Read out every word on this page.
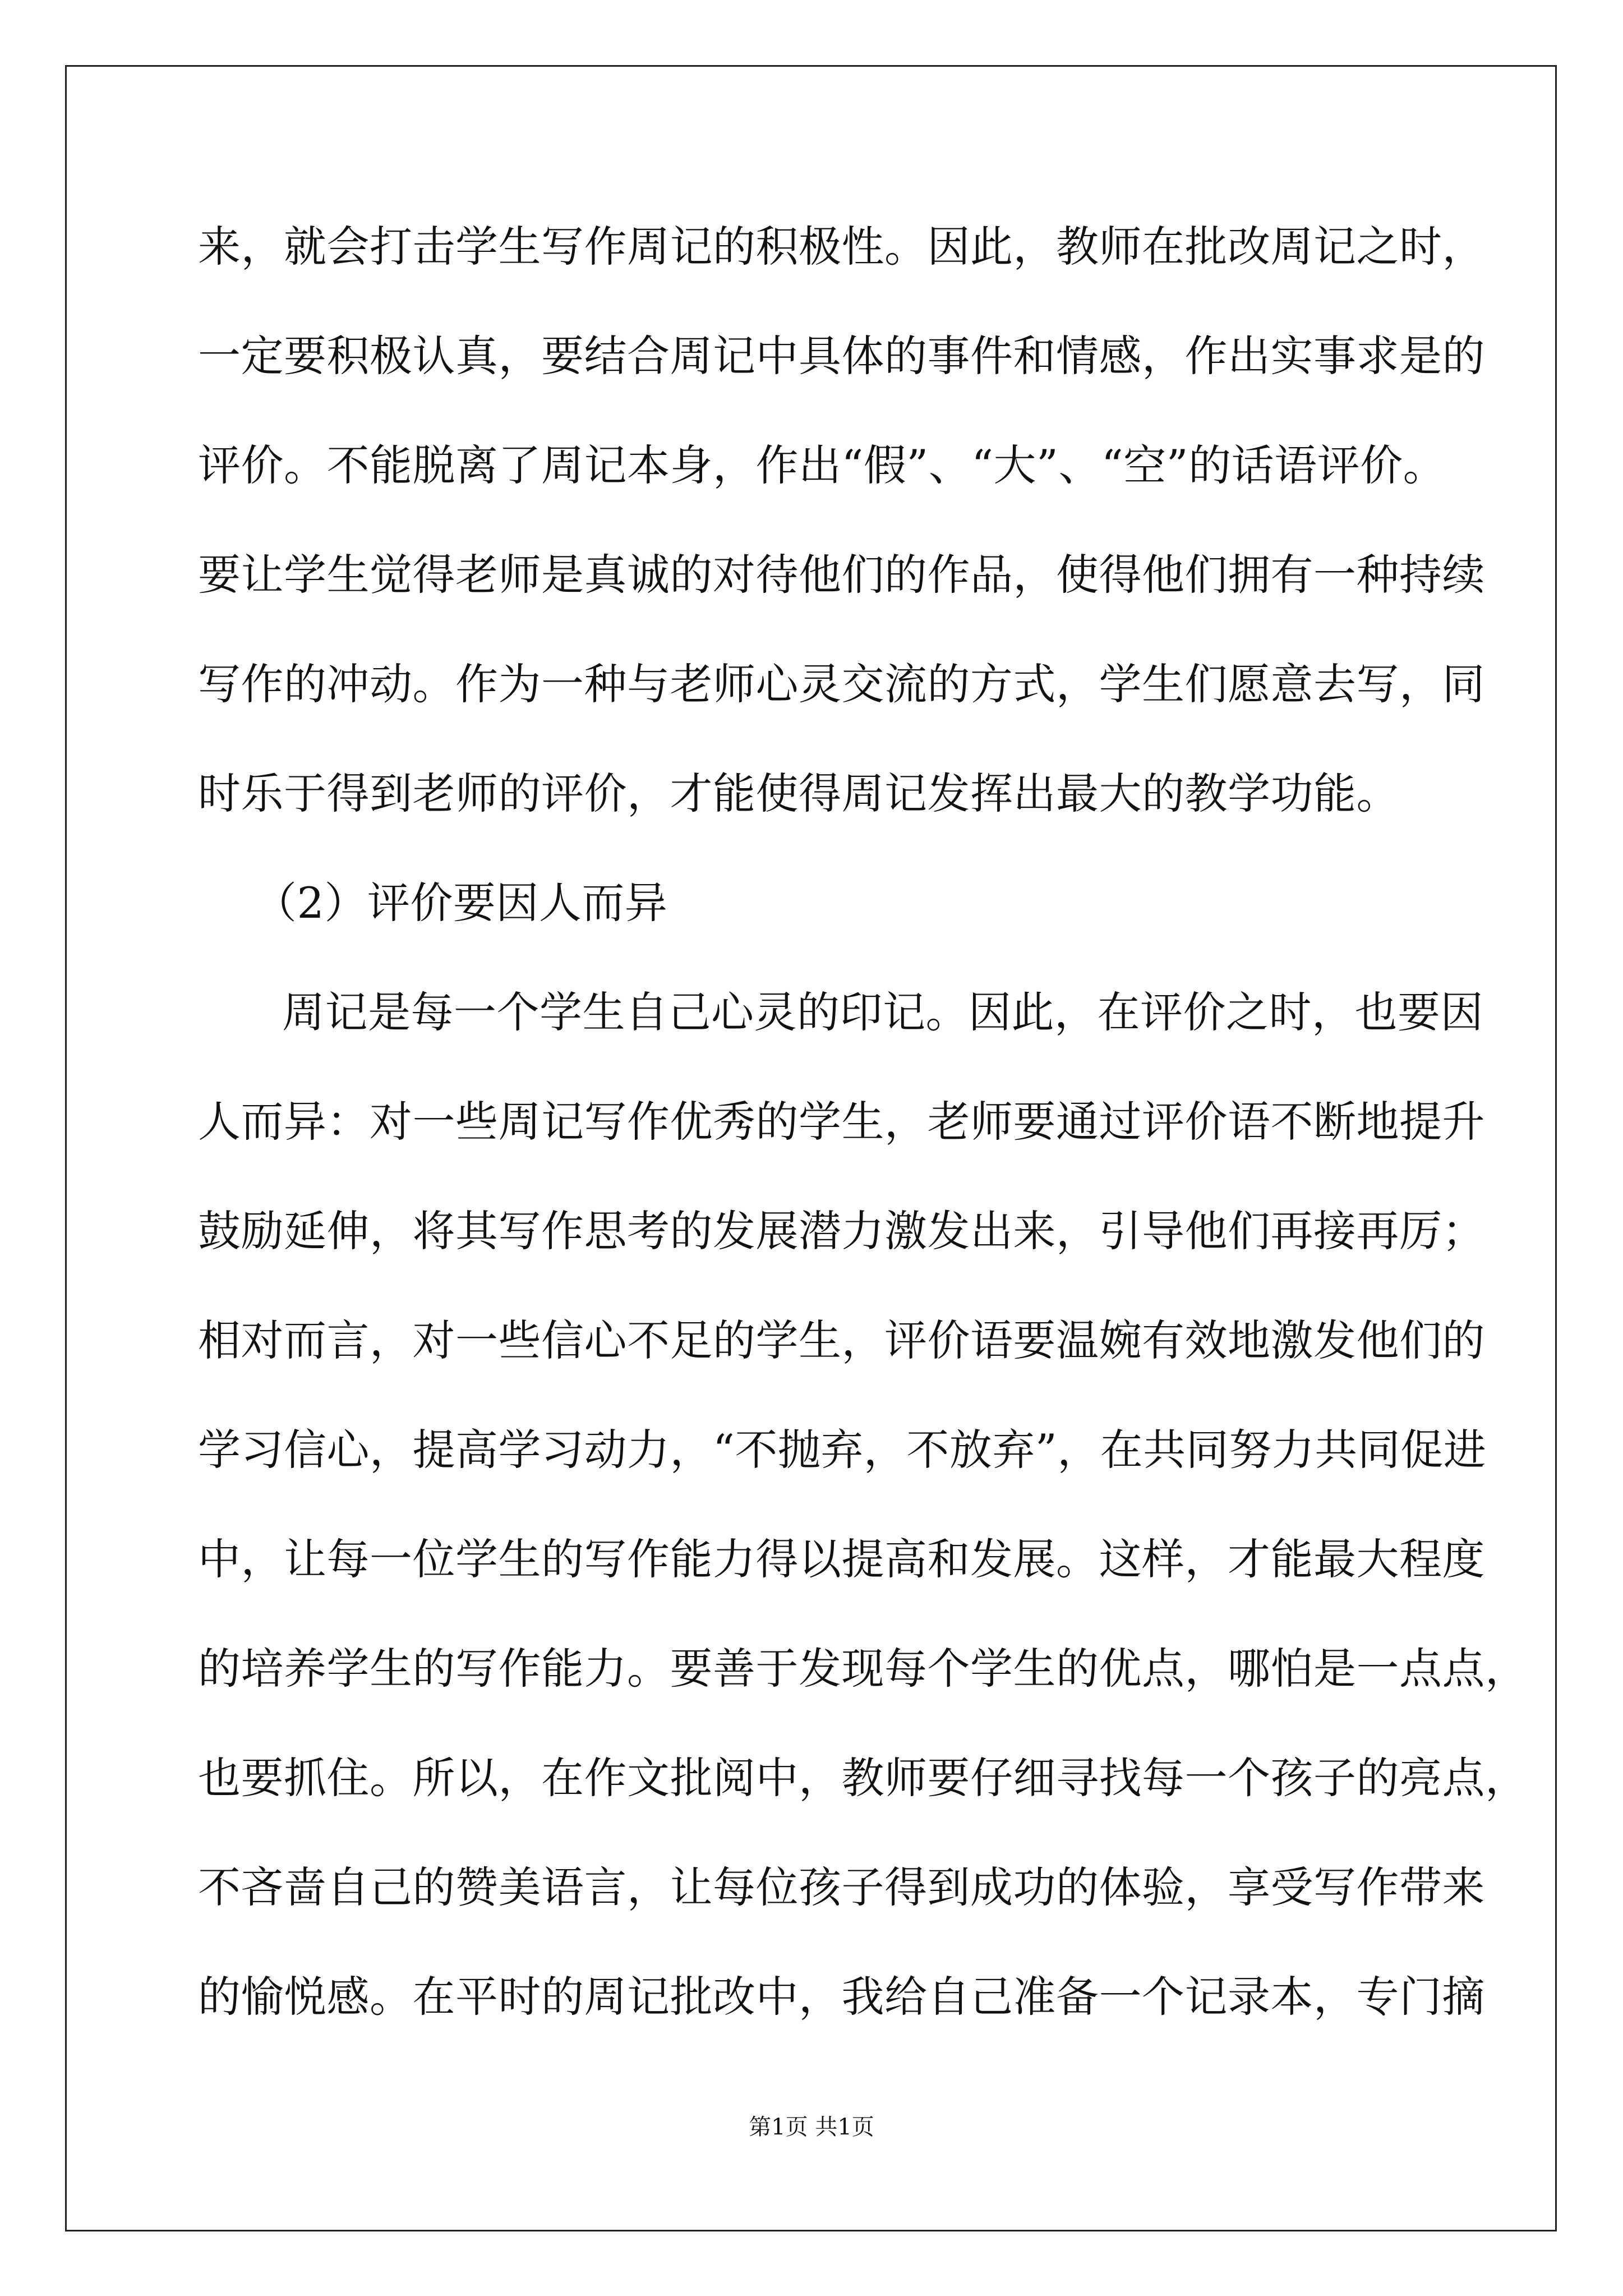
来，就会打击学生写作周记的积极性。因此，教师在批改周记之时，
一定要积极认真，要结合周记中具体的事件和情感，作出实事求是的
评价。不能脱离了周记本身，作出“假”、“大”、“空”的话语评价。
要让学生觉得老师是真诚的对待他们的作品，使得他们拥有一种持续
写作的冲动。作为一种与老师心灵交流的方式，学生们愿意去写，同
时乐于得到老师的评价，才能使得周记发挥出最大的教学功能。
（2）评价要因人而异
周记是每一个学生自己心灵的印记。因此，在评价之时，也要因
人而异：对一些周记写作优秀的学生，老师要通过评价语不断地提升
鼓励延伸，将其写作思考的发展潜力激发出来，引导他们再接再厉；
相对而言，对一些信心不足的学生，评价语要温婉有效地激发他们的
学习信心，提高学习动力，“不抛弃，不放弃”，在共同努力共同促进
中，让每一位学生的写作能力得以提高和发展。这样，才能最大程度
的培养学生的写作能力。要善于发现每个学生的优点，哪怕是一点点，
也要抓住。所以，在作文批阅中，教师要仔细寻找每一个孩子的亮点，
不吝啬自己的赞美语言，让每位孩子得到成功的体验，享受写作带来
的愉悦感。在平时的周记批改中，我给自己准备一个记录本，专门摘
第1页 共1页
